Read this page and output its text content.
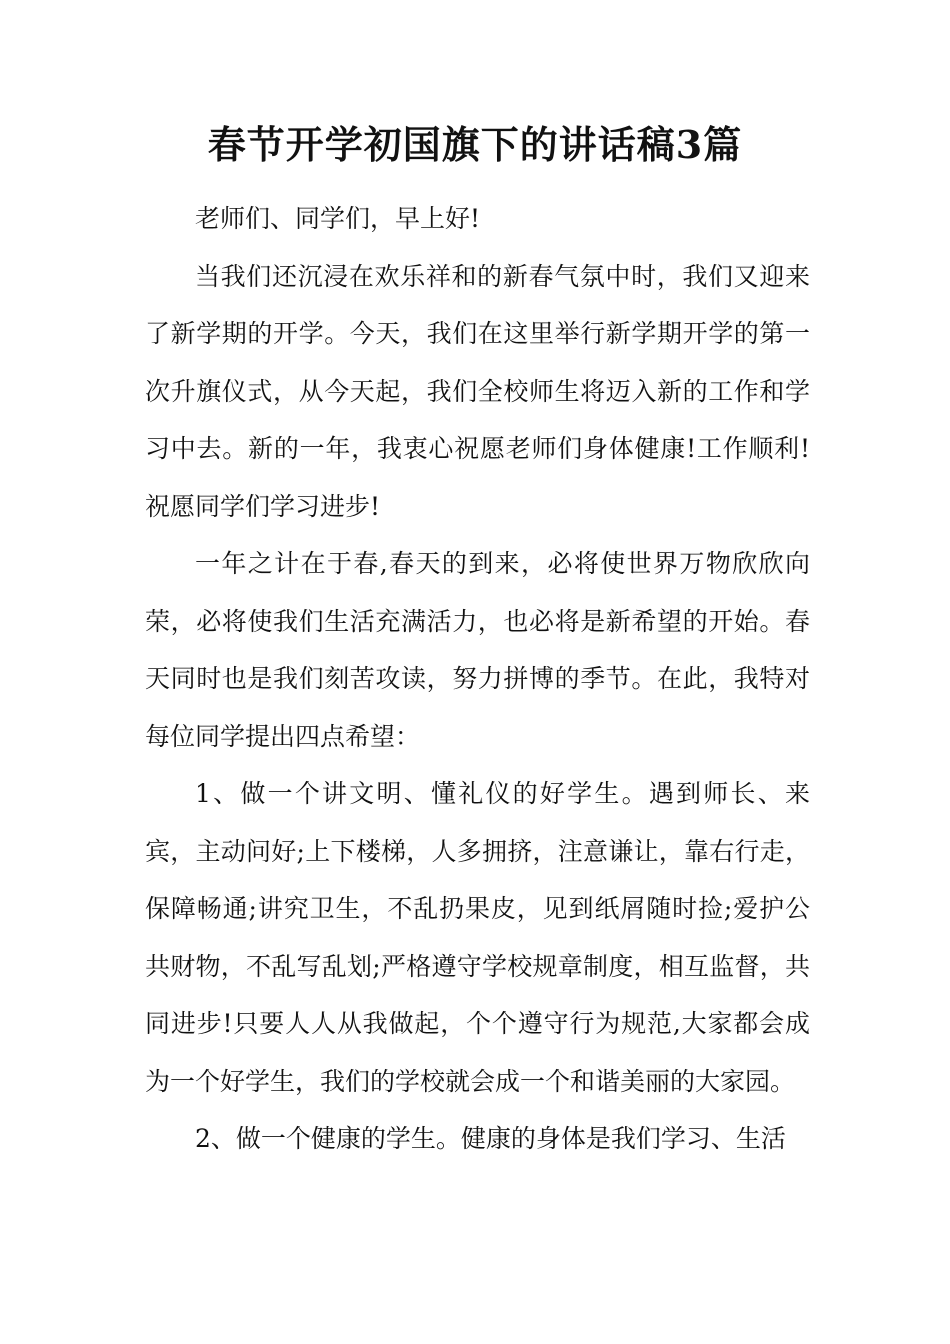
春节开学初国旗下的讲话稿3篇

老师们、同学们，早上好!

当我们还沉浸在欢乐祥和的新春气氛中时，我们又迎来了新学期的开学。今天，我们在这里举行新学期开学的第一次升旗仪式，从今天起，我们全校师生将迈入新的工作和学习中去。新的一年，我衷心祝愿老师们身体健康!工作顺利!祝愿同学们学习进步!

一年之计在于春,春天的到来，必将使世界万物欣欣向荣，必将使我们生活充满活力，也必将是新希望的开始。春天同时也是我们刻苦攻读，努力拼博的季节。在此，我特对每位同学提出四点希望：

1、做一个讲文明、懂礼仪的好学生。遇到师长、来宾，主动问好;上下楼梯，人多拥挤，注意谦让，靠右行走，保障畅通;讲究卫生，不乱扔果皮，见到纸屑随时捡;爱护公共财物，不乱写乱划;严格遵守学校规章制度，相互监督，共同进步!只要人人从我做起，个个遵守行为规范,大家都会成为一个好学生，我们的学校就会成一个和谐美丽的大家园。

2、做一个健康的学生。健康的身体是我们学习、生活
